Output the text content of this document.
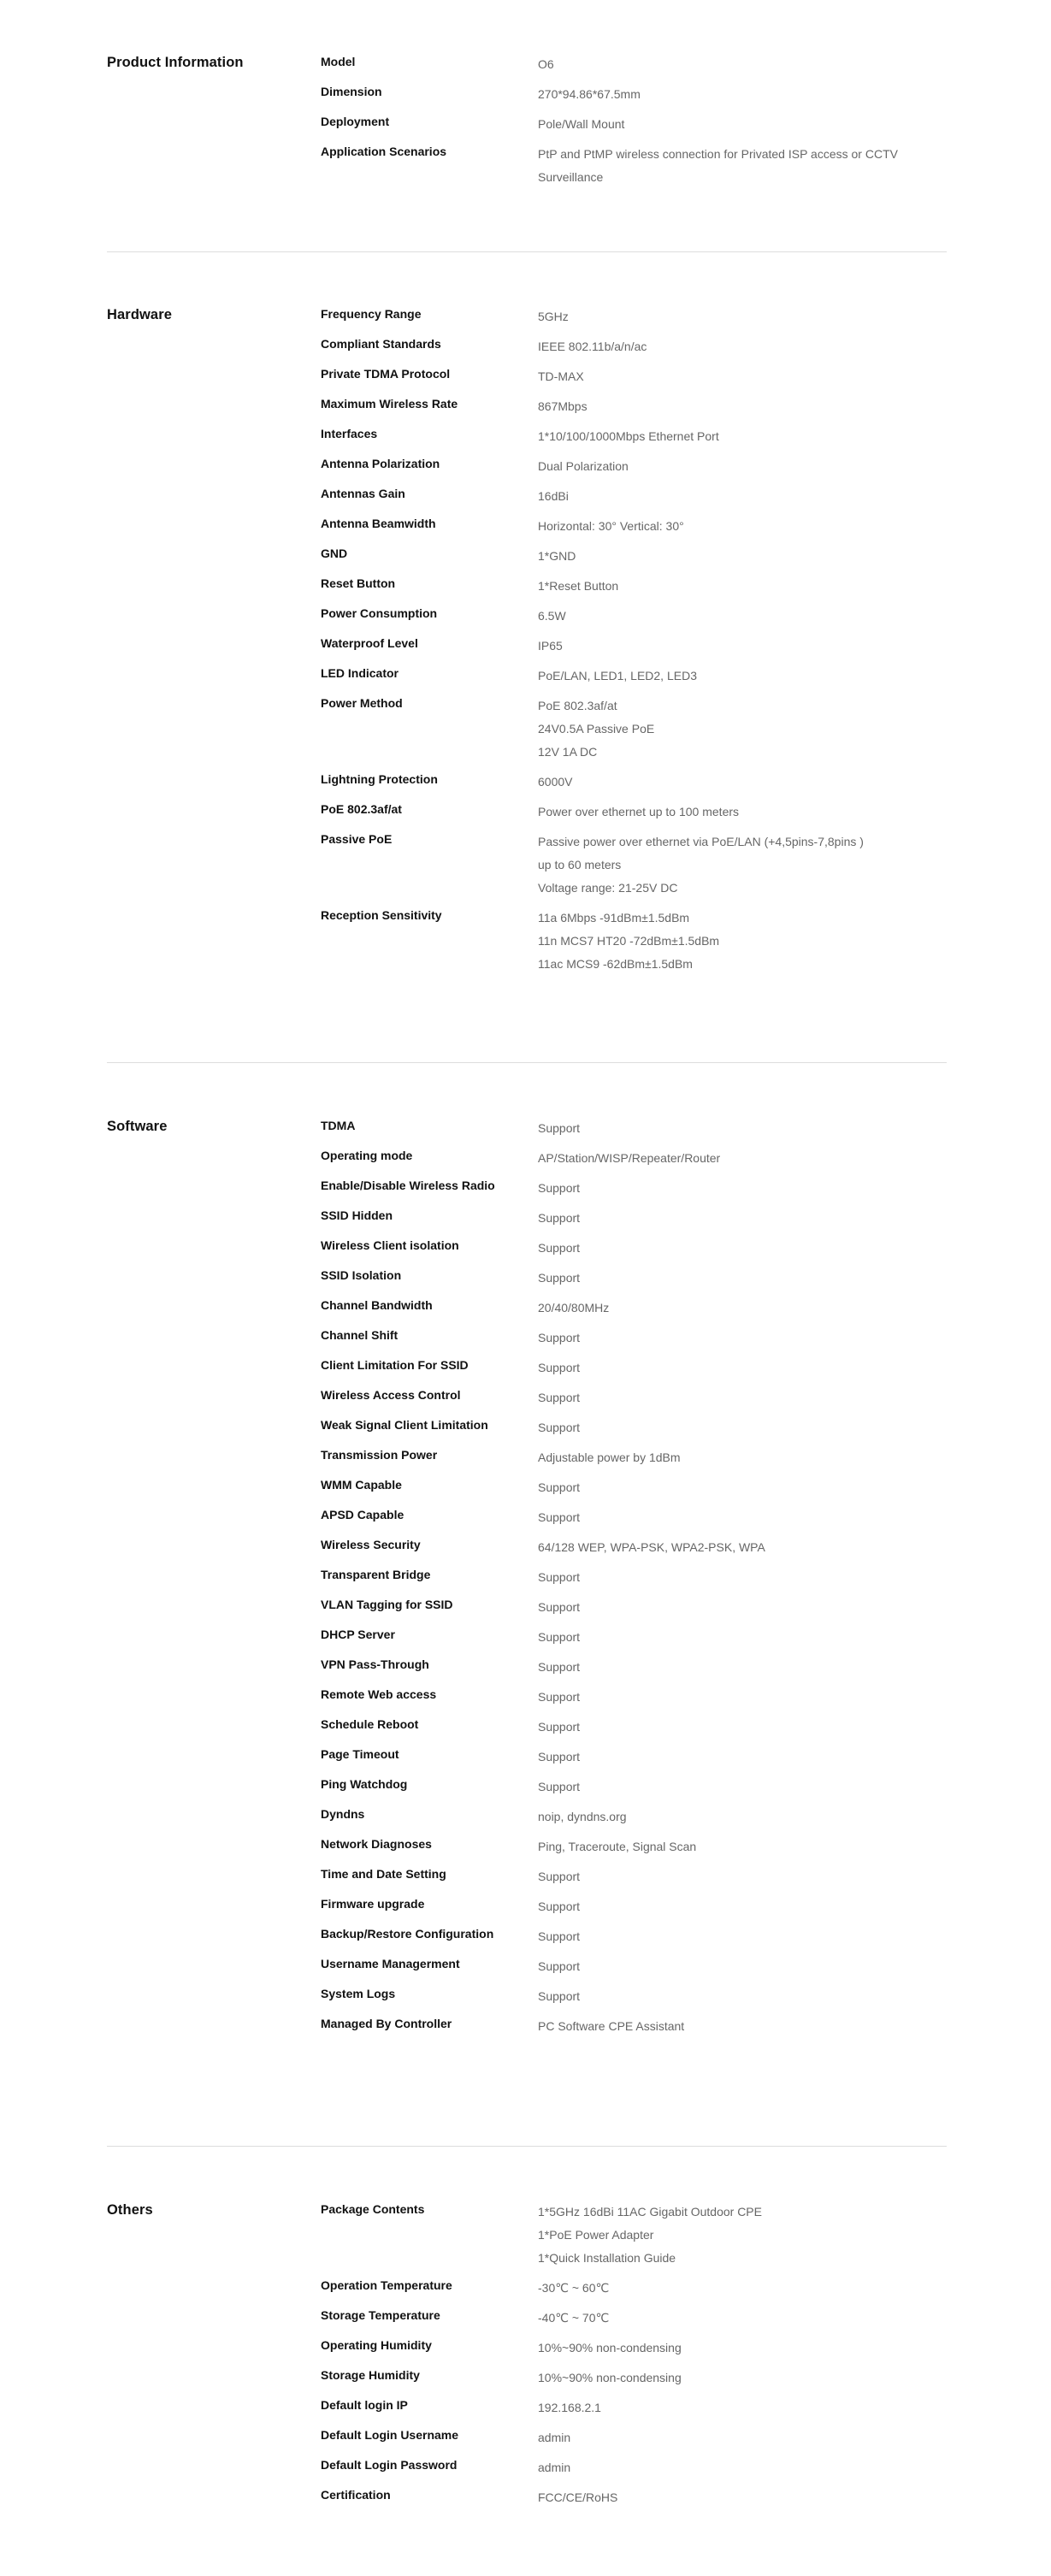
Product Information	Model	O6
Dimension	270*94.86*67.5mm
Deployment	Pole/Wall Mount
Application Scenarios	PtP and PtMP wireless connection for Privated ISP access or CCTV
Surveillance
Hardware	Frequency Range	5GHz
Compliant Standards	IEEE 802.11b/a/n/ac
Private TDMA Protocol	TD-MAX
Maximum Wireless Rate	867Mbps
Interfaces	1*10/100/1000Mbps Ethernet Port
Antenna Polarization	Dual Polarization
Antennas Gain	16dBi
Antenna Beamwidth	Horizontal: 30° Vertical: 30°
GND	1*GND
Reset Button	1*Reset Button
Power Consumption	6.5W
Waterproof Level	IP65
LED Indicator	PoE/LAN, LED1, LED2, LED3
Power Method	PoE 802.3af/at
24V0.5A Passive PoE
12V 1A DC
Lightning Protection	6000V
PoE 802.3af/at	Power over ethernet up to 100 meters
Passive PoE	Passive power over ethernet via PoE/LAN (+4,5pins-7,8pins )
up to 60 meters
Voltage range: 21-25V DC
Reception Sensitivity	11a 6Mbps -91dBm±1.5dBm
11n MCS7 HT20 -72dBm±1.5dBm
11ac MCS9 -62dBm±1.5dBm
Software	TDMA	Support
Operating mode	AP/Station/WISP/Repeater/Router
Enable/Disable Wireless Radio	Support
SSID Hidden	Support
Wireless Client isolation	Support
SSID Isolation	Support
Channel Bandwidth	20/40/80MHz
Channel Shift	Support
Client Limitation For SSID	Support
Wireless Access Control	Support
Weak Signal Client Limitation	Support
Transmission Power	Adjustable power by 1dBm
WMM Capable	Support
APSD Capable	Support
Wireless Security	64/128 WEP, WPA-PSK, WPA2-PSK, WPA
Transparent Bridge	Support
VLAN Tagging for SSID	Support
DHCP Server	Support
VPN Pass-Through	Support
Remote Web access	Support
Schedule Reboot	Support
Page Timeout	Support
Ping Watchdog	Support
Dyndns	noip, dyndns.org
Network Diagnoses	Ping, Traceroute, Signal Scan
Time and Date Setting	Support
Firmware upgrade	Support
Backup/Restore Configuration	Support
Username Managerment	Support
System Logs	Support
Managed By Controller	PC Software CPE Assistant
Others	Package Contents	1*5GHz 16dBi 11AC Gigabit Outdoor CPE
1*PoE Power Adapter
1*Quick Installation Guide
Operation Temperature	-30℃ ~ 60℃
Storage Temperature	-40℃ ~ 70℃
Operating Humidity	10%~90% non-condensing
Storage Humidity	10%~90% non-condensing
Default login IP	192.168.2.1
Default Login Username	admin
Default Login Password	admin
Certification	FCC/CE/RoHS
